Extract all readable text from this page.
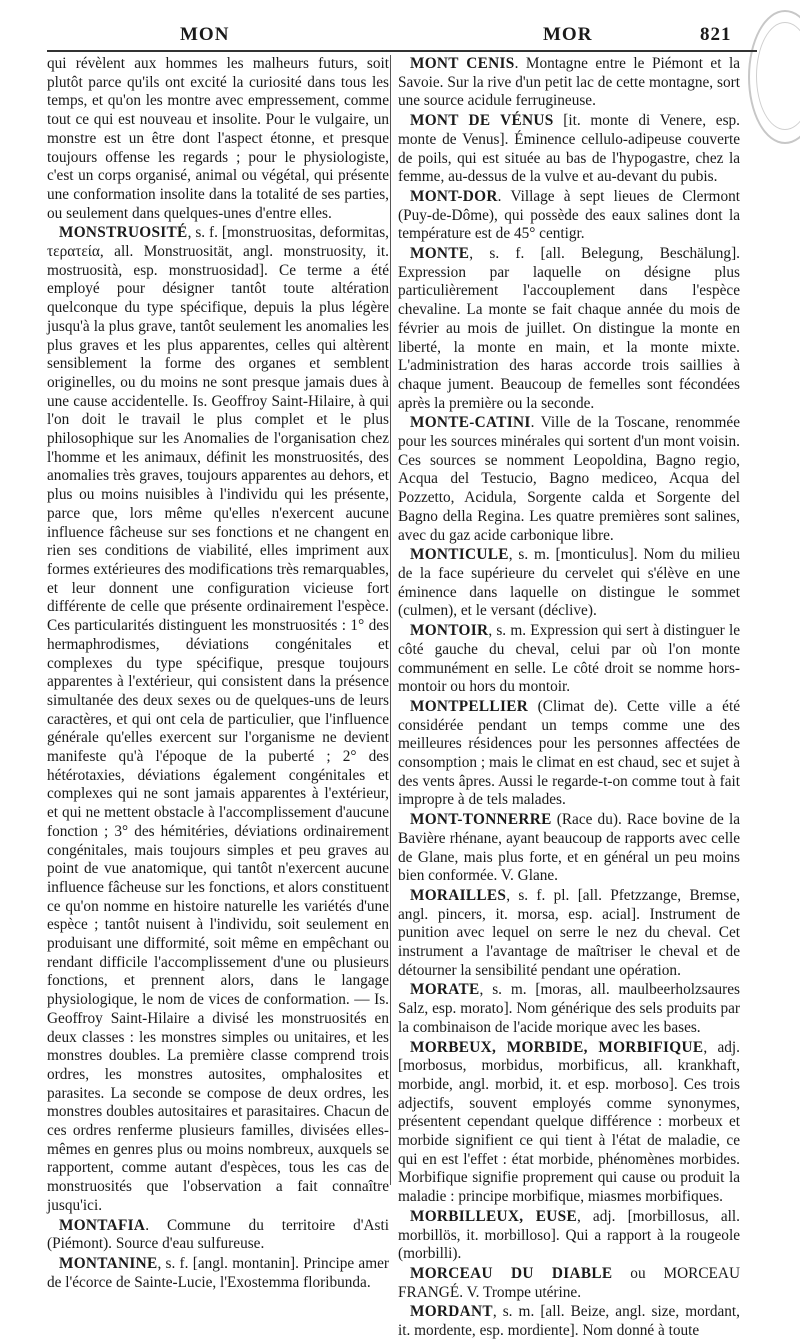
MON	MOR	821

qui révèlent aux hommes les malheurs futurs, soit plutôt parce qu'ils ont excité la curiosité dans tous les temps, et qu'on les montre avec empressement, comme tout ce qui est nouveau et insolite. Pour le vulgaire, un monstre est un être dont l'aspect étonne, et presque toujours offense les regards ; pour le physiologiste, c'est un corps organisé, animal ou végétal, qui présente une conformation insolite dans la totalité de ses parties, ou seulement dans quelques-unes d'entre elles.

MONSTRUOSITÉ, s. f. [monstruositas, deformitas, τερατεία, all. Monstruosität, angl. monstruosity, it. mostruosità, esp. monstruosidad]. Ce terme a été employé pour désigner tantôt toute altération quelconque du type spécifique, depuis la plus légère jusqu'à la plus grave, tantôt seulement les anomalies les plus graves et les plus apparentes, celles qui altèrent sensiblement la forme des organes et semblent originelles, ou du moins ne sont presque jamais dues à une cause accidentelle. Is. Geoffroy Saint-Hilaire, à qui l'on doit le travail le plus complet et le plus philosophique sur les Anomalies de l'organisation chez l'homme et les animaux, définit les monstruosités, des anomalies très graves, toujours apparentes au dehors, et plus ou moins nuisibles à l'individu qui les présente, parce que, lors même qu'elles n'exercent aucune influence fâcheuse sur ses fonctions et ne changent en rien ses conditions de viabilité, elles impriment aux formes extérieures des modifications très remarquables, et leur donnent une configuration vicieuse fort différente de celle que présente ordinairement l'espèce. Ces particularités distinguent les monstruosités : 1° des hermaphrodismes, déviations congénitales et complexes du type spécifique, presque toujours apparentes à l'extérieur, qui consistent dans la présence simultanée des deux sexes ou de quelques-uns de leurs caractères, et qui ont cela de particulier, que l'influence générale qu'elles exercent sur l'organisme ne devient manifeste qu'à l'époque de la puberté ; 2° des hétérotaxies, déviations également congénitales et complexes qui ne sont jamais apparentes à l'extérieur, et qui ne mettent obstacle à l'accomplissement d'aucune fonction ; 3° des hémitéries, déviations ordinairement congénitales, mais toujours simples et peu graves au point de vue anatomique, qui tantôt n'exercent aucune influence fâcheuse sur les fonctions, et alors constituent ce qu'on nomme en histoire naturelle les variétés d'une espèce ; tantôt nuisent à l'individu, soit seulement en produisant une difformité, soit même en empêchant ou rendant difficile l'accomplissement d'une ou plusieurs fonctions, et prennent alors, dans le langage physiologique, le nom de vices de conformation. — Is. Geoffroy Saint-Hilaire a divisé les monstruosités en deux classes : les monstres simples ou unitaires, et les monstres doubles. La première classe comprend trois ordres, les monstres autosites, omphalosites et parasites. La seconde se compose de deux ordres, les monstres doubles autositaires et parasitaires. Chacun de ces ordres renferme plusieurs familles, divisées elles-mêmes en genres plus ou moins nombreux, auxquels se rapportent, comme autant d'espèces, tous les cas de monstruosités que l'observation a fait connaître jusqu'ici.

MONTAFIA. Commune du territoire d'Asti (Piémont). Source d'eau sulfureuse.

MONTANINE, s. f. [angl. montanin]. Principe amer de l'écorce de Sainte-Lucie, l'Exostemma floribunda.

MONT CENIS. Montagne entre le Piémont et la Savoie. Sur la rive d'un petit lac de cette montagne, sort une source acidule ferrugineuse.

MONT DE VÉNUS [it. monte di Venere, esp. monte de Venus]. Éminence cellulo-adipeuse couverte de poils, qui est située au bas de l'hypogastre, chez la femme, au-dessus de la vulve et au-devant du pubis.

MONT-DOR. Village à sept lieues de Clermont (Puy-de-Dôme), qui possède des eaux salines dont la température est de 45° centigr.

MONTE, s. f. [all. Belegung, Beschälung]. Expression par laquelle on désigne plus particulièrement l'accouplement dans l'espèce chevaline. La monte se fait chaque année du mois de février au mois de juillet. On distingue la monte en liberté, la monte en main, et la monte mixte. L'administration des haras accorde trois saillies à chaque jument. Beaucoup de femelles sont fécondées après la première ou la seconde.

MONTE-CATINI. Ville de la Toscane, renommée pour les sources minérales qui sortent d'un mont voisin. Ces sources se nomment Leopoldina, Bagno regio, Acqua del Testucio, Bagno mediceo, Acqua del Pozzetto, Acidula, Sorgente calda et Sorgente del Bagno della Regina. Les quatre premières sont salines, avec du gaz acide carbonique libre.

MONTICULE, s. m. [monticulus]. Nom du milieu de la face supérieure du cervelet qui s'élève en une éminence dans laquelle on distingue le sommet (culmen), et le versant (déclive).

MONTOIR, s. m. Expression qui sert à distinguer le côté gauche du cheval, celui par où l'on monte communément en selle. Le côté droit se nomme hors-montoir ou hors du montoir.

MONTPELLIER (Climat de). Cette ville a été considérée pendant un temps comme une des meilleures résidences pour les personnes affectées de consomption ; mais le climat en est chaud, sec et sujet à des vents âpres. Aussi le regarde-t-on comme tout à fait impropre à de tels malades.

MONT-TONNERRE (Race du). Race bovine de la Bavière rhénane, ayant beaucoup de rapports avec celle de Glane, mais plus forte, et en général un peu moins bien conformée. V. Glane.

MORAILLES, s. f. pl. [all. Pfetzzange, Bremse, angl. pincers, it. morsa, esp. acial]. Instrument de punition avec lequel on serre le nez du cheval. Cet instrument a l'avantage de maîtriser le cheval et de détourner la sensibilité pendant une opération.

MORATE, s. m. [moras, all. maulbeerholzsaures Salz, esp. morato]. Nom générique des sels produits par la combinaison de l'acide morique avec les bases.

MORBEUX, MORBIDE, MORBIFIQUE, adj. [morbosus, morbidus, morbificus, all. krankhaft, morbide, angl. morbid, it. et esp. morboso]. Ces trois adjectifs, souvent employés comme synonymes, présentent cependant quelque différence : morbeux et morbide signifient ce qui tient à l'état de maladie, ce qui en est l'effet : état morbide, phénomènes morbides. Morbifique signifie proprement qui cause ou produit la maladie : principe morbifique, miasmes morbifiques.

MORBILLEUX, EUSE, adj. [morbillosus, all. morbillös, it. morbilloso]. Qui a rapport à la rougeole (morbilli).

MORCEAU DU DIABLE ou MORCEAU FRANGÉ. V. Trompe utérine.

MORDANT, s. m. [all. Beize, angl. size, mordant, it. mordente, esp. mordiente]. Nom donné à toute
